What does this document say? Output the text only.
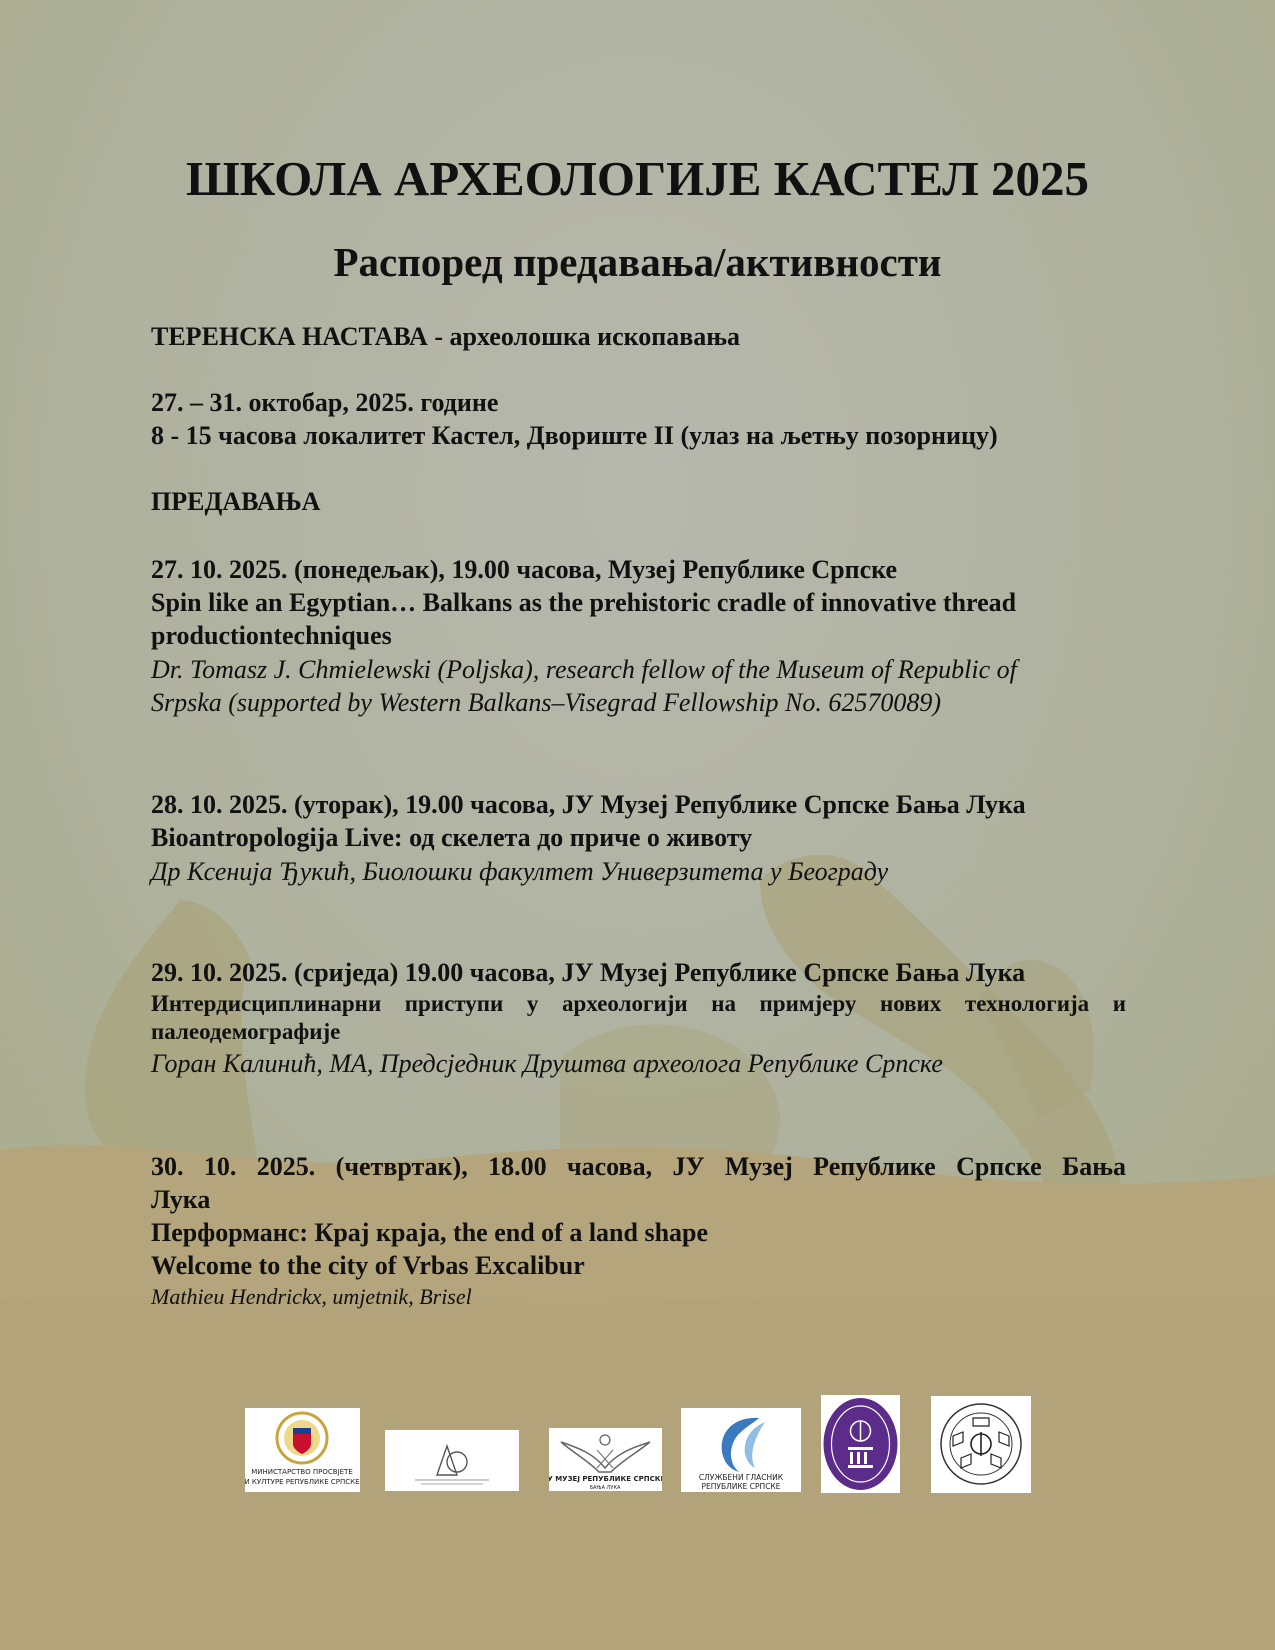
ШКОЛА АРХЕОЛОГИЈЕ КАСТЕЛ 2025
Распоред предавања/активности
ТЕРЕНСКА НАСТАВА - археолошка ископавања
27. – 31. октобар, 2025. године
8 - 15 часова локалитет Кастел, Двориште II (улаз на љетњу позорницу)
ПРЕДАВАЊА
27. 10. 2025. (понедељак), 19.00 часова, Музеј Републике Српске
Spin like an Egyptian… Balkans as the prehistoric cradle of innovative thread
productiontechniques
Dr. Tomasz J. Chmielewski (Poljska), research fellow of the Museum of Republic of
Srpska (supported by Western Balkans–Visegrad Fellowship No. 62570089)
28. 10. 2025. (уторак), 19.00 часова, ЈУ Музеј Републике Српске Бања Лука
Bioantropologija Live: од скелета до приче о животу
Др Ксенија Ђукић, Биолошки факултет Универзитета у Београду
29. 10. 2025. (сриједа) 19.00 часова, ЈУ Музеј Републике Српске Бања Лука
Интердисциплинарни приступи у археологији на примјеру нових технологија и
палеодемографије
Горан Калинић, МА, Предсједник Друштва археолога Републике Српске
30. 10. 2025. (четвртак), 18.00 часова, ЈУ Музеј Републике Српске Бања
Лука
Перформанс: Крај краја, the end of a land shape
Welcome to the city of Vrbas Excalibur
Mathieu Hendrickx, umjetnik, Brisel
МИНИСТАРСТВО ПРОСВЈЕТЕ
И КУЛТУРЕ РЕПУБЛИКЕ СРПСКЕ	ЈУ МУЗЕЈ РЕПУБЛИКЕ СРПСКЕ
БАЊА ЛУКА
СЛУЖБЕНИ ГЛАСНИК
РЕПУБЛИКЕ СРПСКЕ
